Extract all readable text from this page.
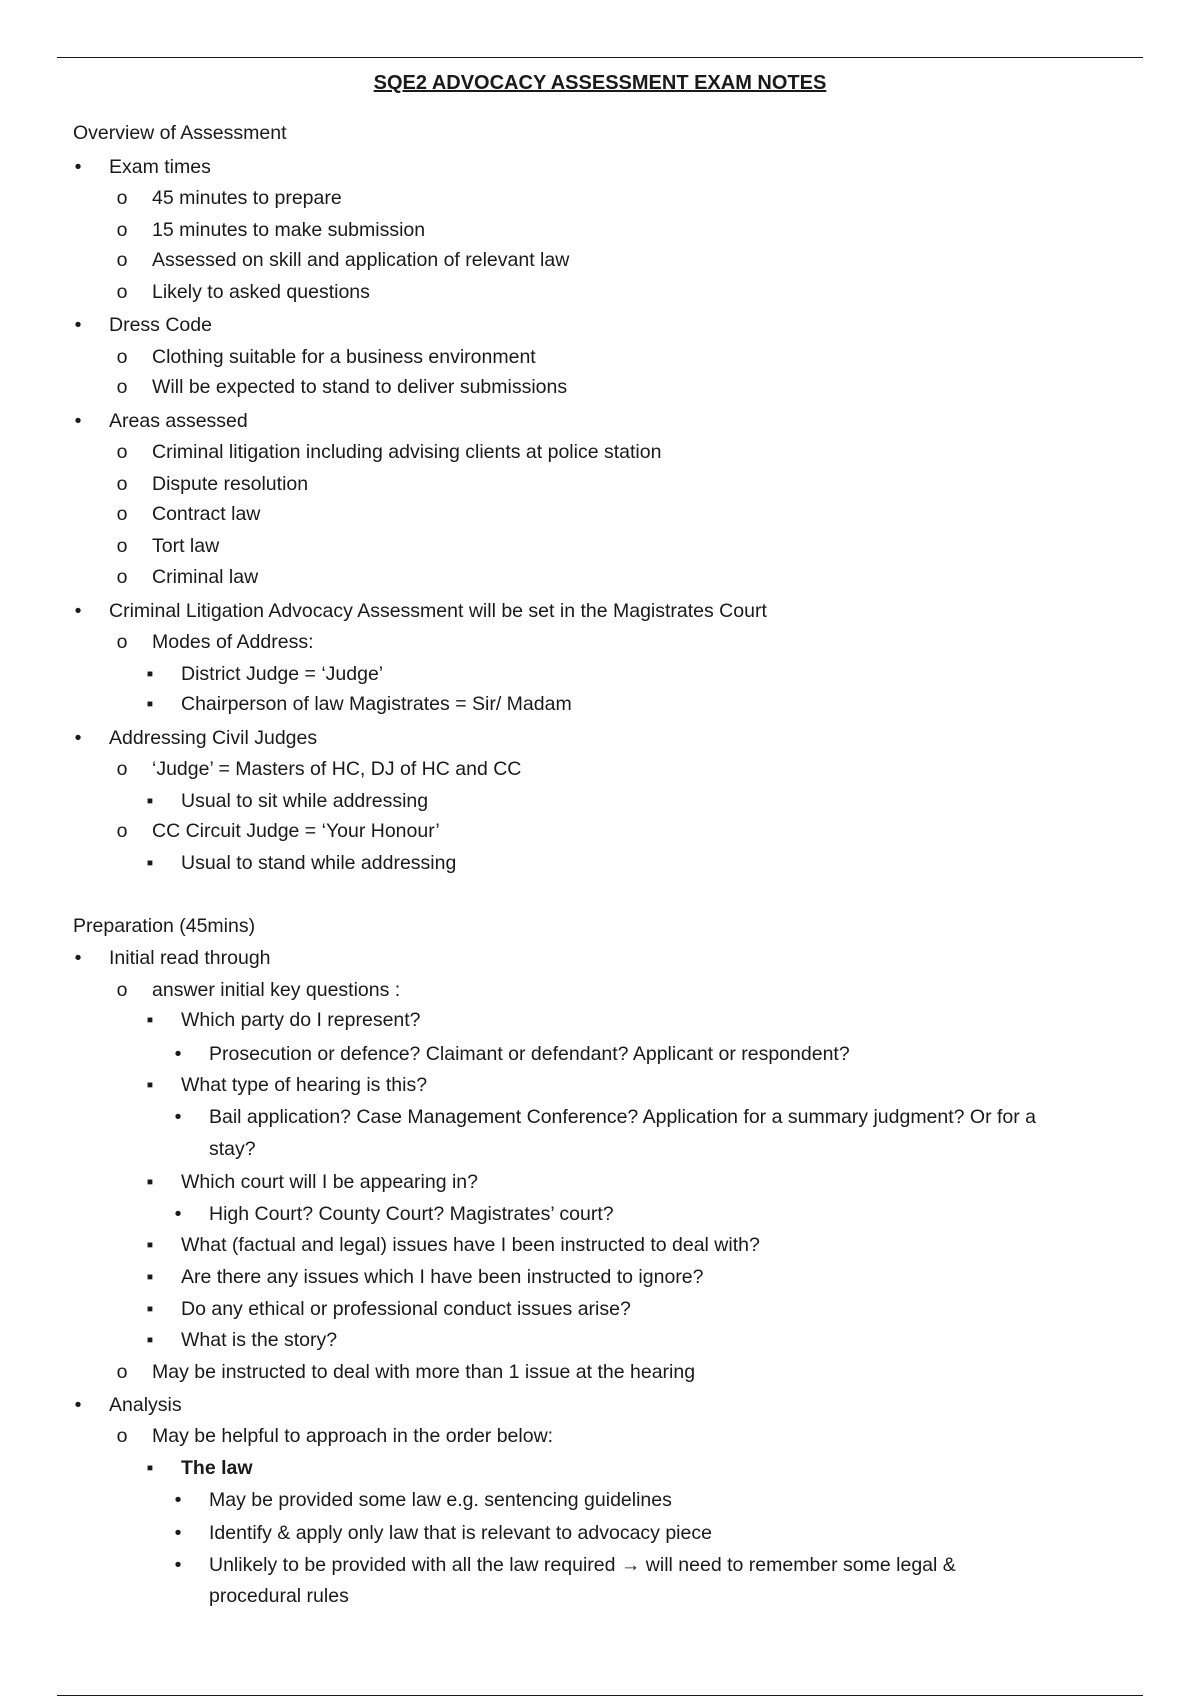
SQE2 ADVOCACY ASSESSMENT EXAM NOTES
Overview of Assessment
•	Exam times
o 45 minutes to prepare
o 15 minutes to make submission
o Assessed on skill and application of relevant law
o Likely to asked questions
•	Dress Code
o Clothing suitable for a business environment
o Will be expected to stand to deliver submissions
•	Areas assessed
o Criminal litigation including advising clients at police station
o Dispute resolution
o Contract law
o Tort law
o Criminal law
•	Criminal Litigation Advocacy Assessment will be set in the Magistrates Court
o Modes of Address:
▪	District Judge = ‘Judge’
▪	Chairperson of law Magistrates = Sir/ Madam
•	Addressing Civil Judges
o ‘Judge’ = Masters of HC, DJ of HC and CC
▪	Usual to sit while addressing
o CC Circuit Judge = ‘Your Honour’
▪	Usual to stand while addressing
Preparation (45mins)
•	Initial read through
o answer initial key questions :
▪	Which party do I represent?
•	Prosecution or defence? Claimant or defendant? Applicant or respondent?
▪	What type of hearing is this?
•	Bail application? Case Management Conference? Application for a summary judgment? Or for a
stay?
▪	Which court will I be appearing in?
•	High Court? County Court? Magistrates’ court?
▪	What (factual and legal) issues have I been instructed to deal with?
▪	Are there any issues which I have been instructed to ignore?
▪	Do any ethical or professional conduct issues arise?
▪	What is the story?
o May be instructed to deal with more than 1 issue at the hearing
•	Analysis
o May be helpful to approach in the order below:
▪	The law
•	May be provided some law e.g. sentencing guidelines
•	Identify & apply only law that is relevant to advocacy piece
•	Unlikely to be provided with all the law required → will need to remember some legal &
procedural rules
